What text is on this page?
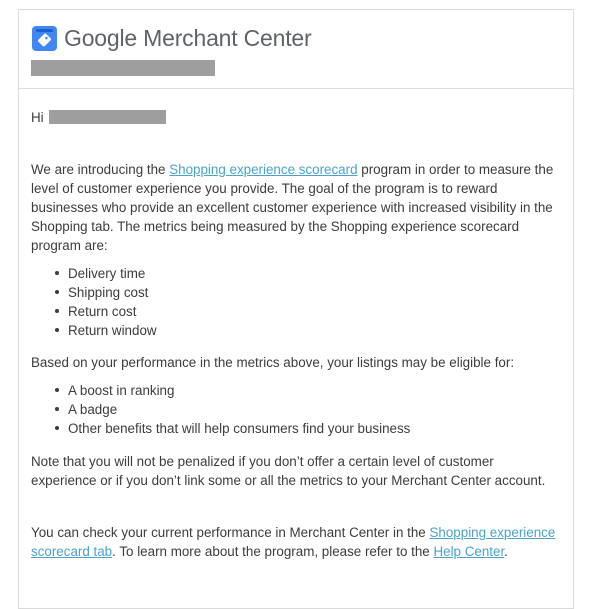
Google Merchant Center
Hi

We are introducing the Shopping experience scorecard program in order to measure the level of customer experience you provide. The goal of the program is to reward businesses who provide an excellent customer experience with increased visibility in the Shopping tab. The metrics being measured by the Shopping experience scorecard program are:

Delivery time
Shipping cost
Return cost
Return window

Based on your performance in the metrics above, your listings may be eligible for:

A boost in ranking
A badge
Other benefits that will help consumers find your business

Note that you will not be penalized if you don’t offer a certain level of customer experience or if you don’t link some or all the metrics to your Merchant Center account.

You can check your current performance in Merchant Center in the Shopping experience scorecard tab. To learn more about the program, please refer to the Help Center.
